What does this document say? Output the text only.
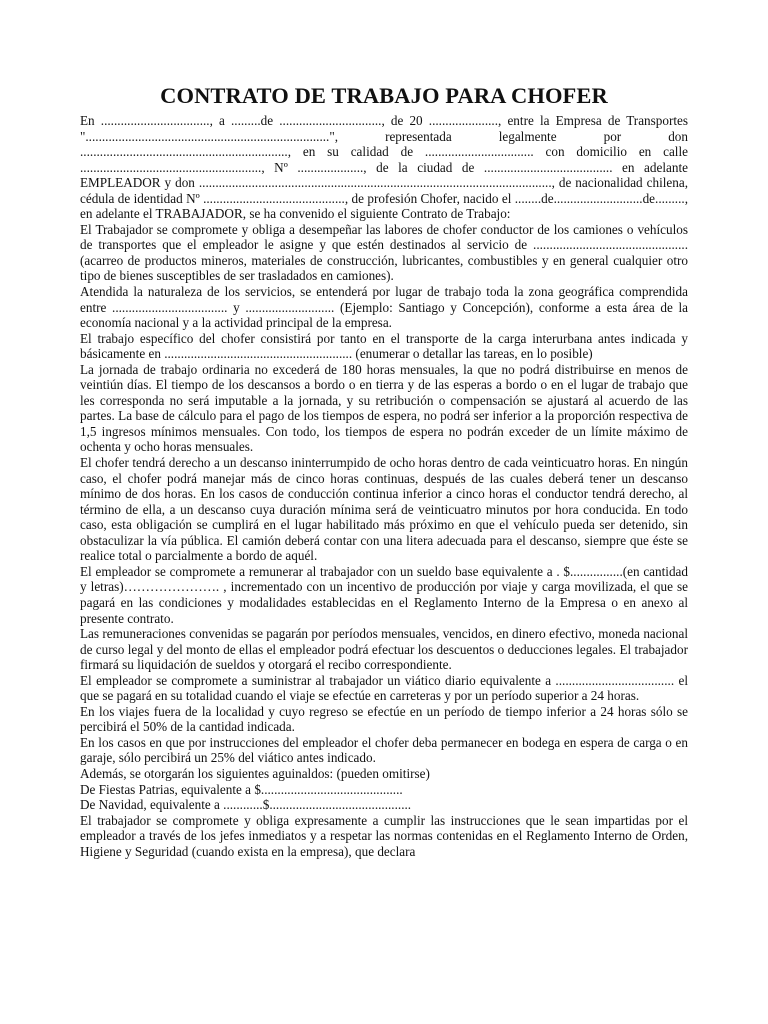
CONTRATO DE TRABAJO PARA CHOFER

En ................................., a .........de ..............................., de 20 ....................., entre la Empresa de Transportes "..........................................................................", representada legalmente por don ..............................................................., en su calidad de ................................. con domicilio en calle ......................................................., Nº ...................., de la ciudad de ....................................... en adelante EMPLEADOR y don ..........................................................................................................., de nacionalidad chilena, cédula de identidad Nº ..........................................., de profesión Chofer, nacido el ........de...........................de........., en adelante el TRABAJADOR, se ha convenido el siguiente Contrato de Trabajo:

El Trabajador se compromete y obliga a desempeñar las labores de chofer conductor de los camiones o vehículos de transportes que el empleador le asigne y que estén destinados al servicio de ............................................... (acarreo de productos mineros, materiales de construcción, lubricantes, combustibles y en general cualquier otro tipo de bienes susceptibles de ser trasladados en camiones).

Atendida la naturaleza de los servicios, se entenderá por lugar de trabajo toda la zona geográfica comprendida entre ................................... y ........................... (Ejemplo: Santiago y Concepción), conforme a esta área de la economía nacional y a la actividad principal de la empresa.

El trabajo específico del chofer consistirá por tanto en el transporte de la carga interurbana antes indicada y básicamente en ......................................................... (enumerar o detallar las tareas, en lo posible)

La jornada de trabajo ordinaria no excederá de 180 horas mensuales, la que no podrá distribuirse en menos de veintiún días. El tiempo de los descansos a bordo o en tierra y de las esperas a bordo o en el lugar de trabajo que les corresponda no será imputable a la jornada, y su retribución o compensación se ajustará al acuerdo de las partes. La base de cálculo para el pago de los tiempos de espera, no podrá ser inferior a la proporción respectiva de 1,5 ingresos mínimos mensuales. Con todo, los tiempos de espera no podrán exceder de un límite máximo de ochenta y ocho horas mensuales.

El chofer tendrá derecho a un descanso ininterrumpido de ocho horas dentro de cada veinticuatro horas. En ningún caso, el chofer podrá manejar más de cinco horas continuas, después de las cuales deberá tener un descanso mínimo de dos horas. En los casos de conducción continua inferior a cinco horas el conductor tendrá derecho, al término de ella, a un descanso cuya duración mínima será de veinticuatro minutos por hora conducida. En todo caso, esta obligación se cumplirá en el lugar habilitado más próximo en que el vehículo pueda ser detenido, sin obstaculizar la vía pública. El camión deberá contar con una litera adecuada para el descanso, siempre que éste se realice total o parcialmente a bordo de aquél.

El empleador se compromete a remunerar al trabajador con un sueldo base equivalente a . $................(en cantidad y letras)…………………. , incrementado con un incentivo de producción por viaje y carga movilizada, el que se pagará en las condiciones y modalidades establecidas en el Reglamento Interno de la Empresa o en anexo al presente contrato.

Las remuneraciones convenidas se pagarán por períodos mensuales, vencidos, en dinero efectivo, moneda nacional de curso legal y del monto de ellas el empleador podrá efectuar los descuentos o deducciones legales. El trabajador firmará su liquidación de sueldos y otorgará el recibo correspondiente.

El empleador se compromete a suministrar al trabajador un viático diario equivalente a .................................... el que se pagará en su totalidad cuando el viaje se efectúe en carreteras y por un período superior a 24 horas.

En los viajes fuera de la localidad y cuyo regreso se efectúe en un período de tiempo inferior a 24 horas sólo se percibirá el 50% de la cantidad indicada.

En los casos en que por instrucciones del empleador el chofer deba permanecer en bodega en espera de carga o en garaje, sólo percibirá un 25% del viático antes indicado.

Además, se otorgarán los siguientes aguinaldos: (pueden omitirse)

De Fiestas Patrias, equivalente a $...........................................

De Navidad, equivalente a ............$...........................................

El trabajador se compromete y obliga expresamente a cumplir las instrucciones que le sean impartidas por el empleador a través de los jefes inmediatos y a respetar las normas contenidas en el Reglamento Interno de Orden, Higiene y Seguridad (cuando exista en la empresa), que declara
